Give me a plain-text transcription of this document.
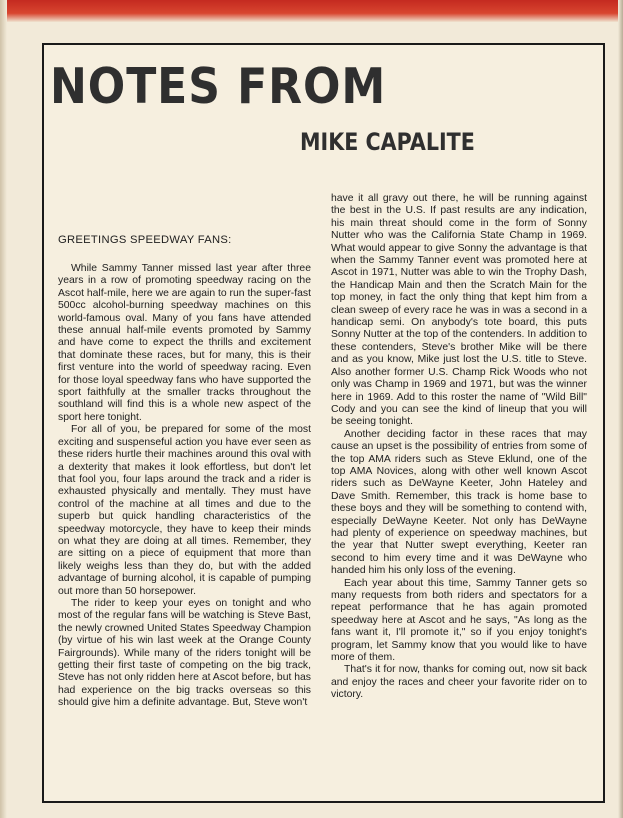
NOTES FROM
MIKE CAPALITE

GREETINGS SPEEDWAY FANS:

While Sammy Tanner missed last year after three years in a row of promoting speedway racing on the Ascot half-mile, here we are again to run the super-fast 500cc alcohol-burning speedway machines on this world-famous oval. Many of you fans have attended these annual half-mile events promoted by Sammy and have come to expect the thrills and excitement that dominate these races, but for many, this is their first venture into the world of speedway racing. Even for those loyal speedway fans who have supported the sport faithfully at the smaller tracks throughout the southland will find this is a whole new aspect of the sport here tonight.

For all of you, be prepared for some of the most exciting and suspenseful action you have ever seen as these riders hurtle their machines around this oval with a dexterity that makes it look effortless, but don't let that fool you, four laps around the track and a rider is exhausted physically and mentally. They must have control of the machine at all times and due to the superb but quick handling characteristics of the speedway motorcycle, they have to keep their minds on what they are doing at all times. Remember, they are sitting on a piece of equipment that more than likely weighs less than they do, but with the added advantage of burning alcohol, it is capable of pumping out more than 50 horsepower.

The rider to keep your eyes on tonight and who most of the regular fans will be watching is Steve Bast, the newly crowned United States Speedway Champion (by virtue of his win last week at the Orange County Fairgrounds). While many of the riders tonight will be getting their first taste of competing on the big track, Steve has not only ridden here at Ascot before, but has had experience on the big tracks overseas so this should give him a definite advantage. But, Steve won't

have it all gravy out there, he will be running against the best in the U.S. If past results are any indication, his main threat should come in the form of Sonny Nutter who was the California State Champ in 1969. What would appear to give Sonny the advantage is that when the Sammy Tanner event was promoted here at Ascot in 1971, Nutter was able to win the Trophy Dash, the Handicap Main and then the Scratch Main for the top money, in fact the only thing that kept him from a clean sweep of every race he was in was a second in a handicap semi. On anybody's tote board, this puts Sonny Nutter at the top of the contenders. In addition to these contenders, Steve's brother Mike will be there and as you know, Mike just lost the U.S. title to Steve. Also another former U.S. Champ Rick Woods who not only was Champ in 1969 and 1971, but was the winner here in 1969. Add to this roster the name of "Wild Bill" Cody and you can see the kind of lineup that you will be seeing tonight.

Another deciding factor in these races that may cause an upset is the possibility of entries from some of the top AMA riders such as Steve Eklund, one of the top AMA Novices, along with other well known Ascot riders such as DeWayne Keeter, John Hateley and Dave Smith. Remember, this track is home base to these boys and they will be something to contend with, especially DeWayne Keeter. Not only has DeWayne had plenty of experience on speedway machines, but the year that Nutter swept everything, Keeter ran second to him every time and it was DeWayne who handed him his only loss of the evening.

Each year about this time, Sammy Tanner gets so many requests from both riders and spectators for a repeat performance that he has again promoted speedway here at Ascot and he says, "As long as the fans want it, I'll promote it," so if you enjoy tonight's program, let Sammy know that you would like to have more of them.

That's it for now, thanks for coming out, now sit back and enjoy the races and cheer your favorite rider on to victory.
